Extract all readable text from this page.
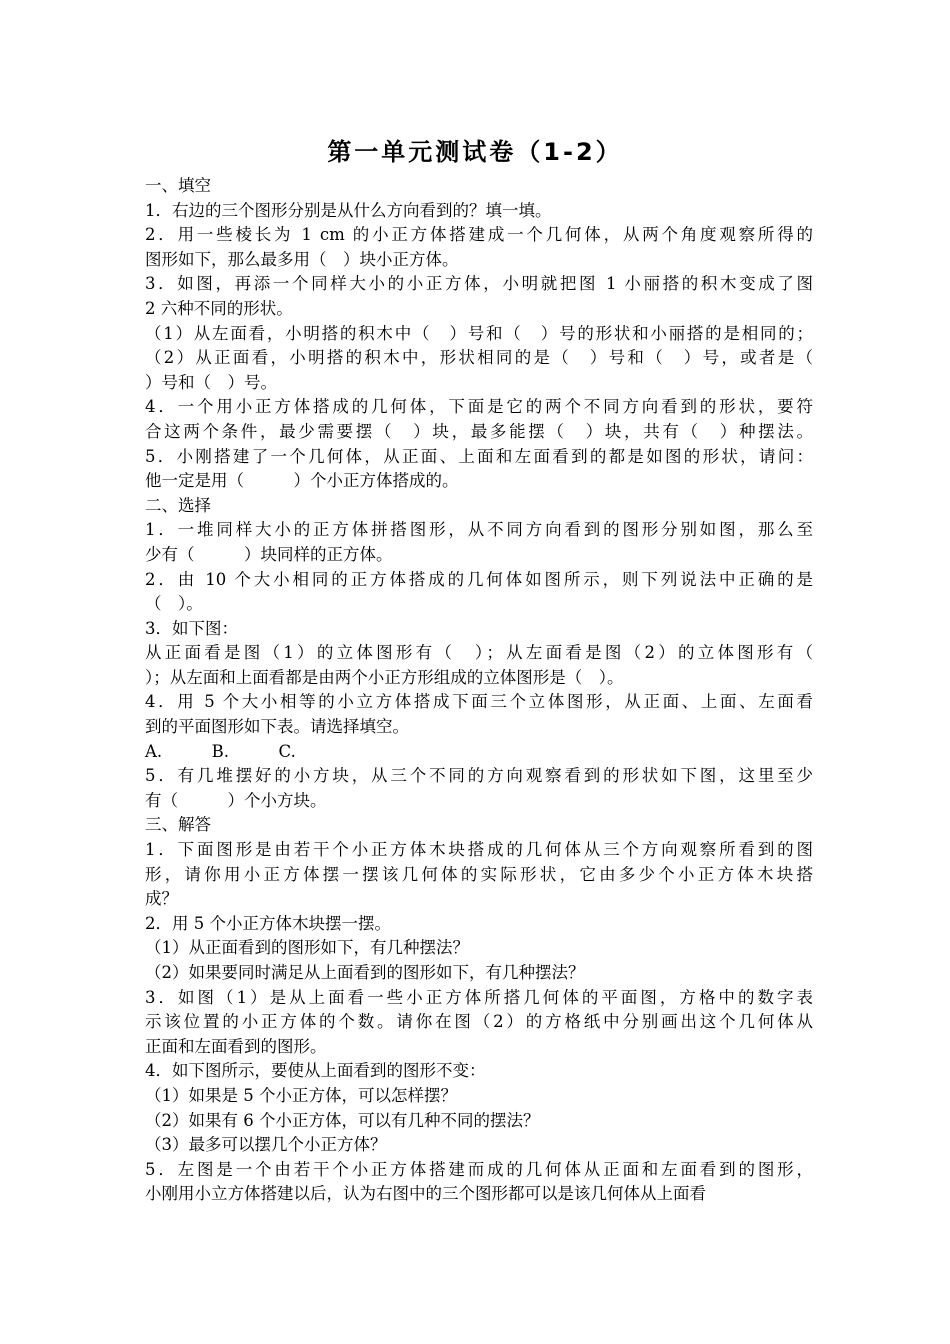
第一单元测试卷（1-2）
一、填空
1．右边的三个图形分别是从什么方向看到的？填一填。
2．用一些棱长为 1 cm 的小正方体搭建成一个几何体，从两个角度观察所得的
图形如下，那么最多用（　）块小正方体。
3．如图，再添一个同样大小的小正方体，小明就把图 1 小丽搭的积木变成了图
2 六种不同的形状。
（1）从左面看，小明搭的积木中（　）号和（　）号的形状和小丽搭的是相同的；
（2）从正面看，小明搭的积木中，形状相同的是（　）号和（　）号，或者是（
）号和（　）号。
4．一个用小正方体搭成的几何体，下面是它的两个不同方向看到的形状，要符
合这两个条件，最少需要摆（　）块，最多能摆（　）块，共有（　）种摆法。
5．小刚搭建了一个几何体，从正面、上面和左面看到的都是如图的形状，请问：
他一定是用（　　　）个小正方体搭成的。
二、选择
1．一堆同样大小的正方体拼搭图形，从不同方向看到的图形分别如图，那么至
少有（　　　）块同样的正方体。
2．由 10 个大小相同的正方体搭成的几何体如图所示，则下列说法中正确的是
（　）。
3．如下图：
从正面看是图（1）的立体图形有（　）；从左面看是图（2）的立体图形有（
）；从左面和上面看都是由两个小正方形组成的立体图形是（　）。
4．用 5 个大小相等的小立方体搭成下面三个立体图形，从正面、上面、左面看
到的平面图形如下表。请选择填空。
A.　　　B.　　　C.
5．有几堆摆好的小方块，从三个不同的方向观察看到的形状如下图，这里至少
有（　　　）个小方块。
三、解答
1．下面图形是由若干个小正方体木块搭成的几何体从三个方向观察所看到的图
形，请你用小正方体摆一摆该几何体的实际形状，它由多少个小正方体木块搭
成？
2．用 5 个小正方体木块摆一摆。
（1）从正面看到的图形如下，有几种摆法？
（2）如果要同时满足从上面看到的图形如下，有几种摆法？
3．如图（1）是从上面看一些小正方体所搭几何体的平面图，方格中的数字表
示该位置的小正方体的个数。请你在图（2）的方格纸中分别画出这个几何体从
正面和左面看到的图形。
4．如下图所示，要使从上面看到的图形不变：
（1）如果是 5 个小正方体，可以怎样摆？
（2）如果有 6 个小正方体，可以有几种不同的摆法？
（3）最多可以摆几个小正方体？
5．左图是一个由若干个小正方体搭建而成的几何体从正面和左面看到的图形，
小刚用小立方体搭建以后，认为右图中的三个图形都可以是该几何体从上面看
